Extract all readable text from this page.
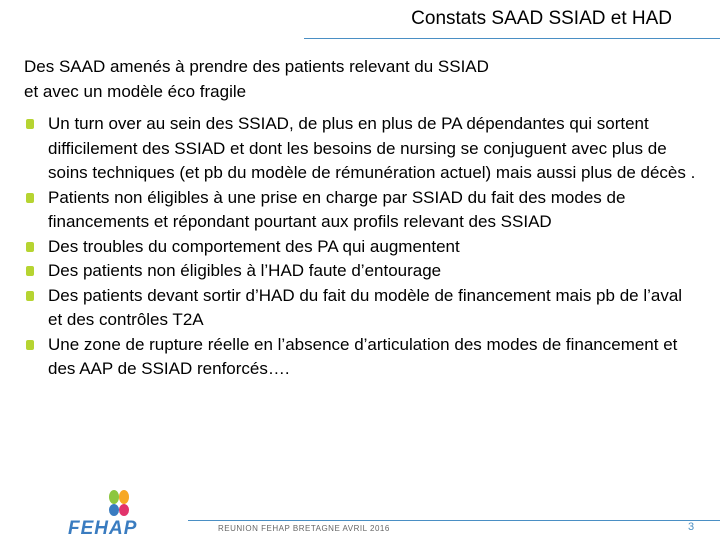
Constats SAAD SSIAD et HAD

Des SAAD amenés à prendre des patients relevant du SSIAD

et avec un modèle éco fragile

Un turn over au sein des SSIAD, de plus en plus de PA dépendantes qui sortent difficilement des SSIAD et dont les besoins de nursing se conjuguent avec plus de soins techniques (et pb du modèle de rémunération actuel) mais aussi plus de décès .
Patients non éligibles à une prise en charge par SSIAD du fait des modes de financements et répondant pourtant aux profils relevant des SSIAD
Des troubles du comportement des PA qui augmentent
Des patients non éligibles à l’HAD faute d’entourage
Des patients devant sortir d’HAD du fait du modèle de financement mais pb de l’aval et des contrôles T2A
Une zone de rupture réelle en l’absence d’articulation des modes de financement et des AAP de SSIAD renforcés….
FEHAP	REUNION FEHAP BRETAGNE AVRIL 2016	3
